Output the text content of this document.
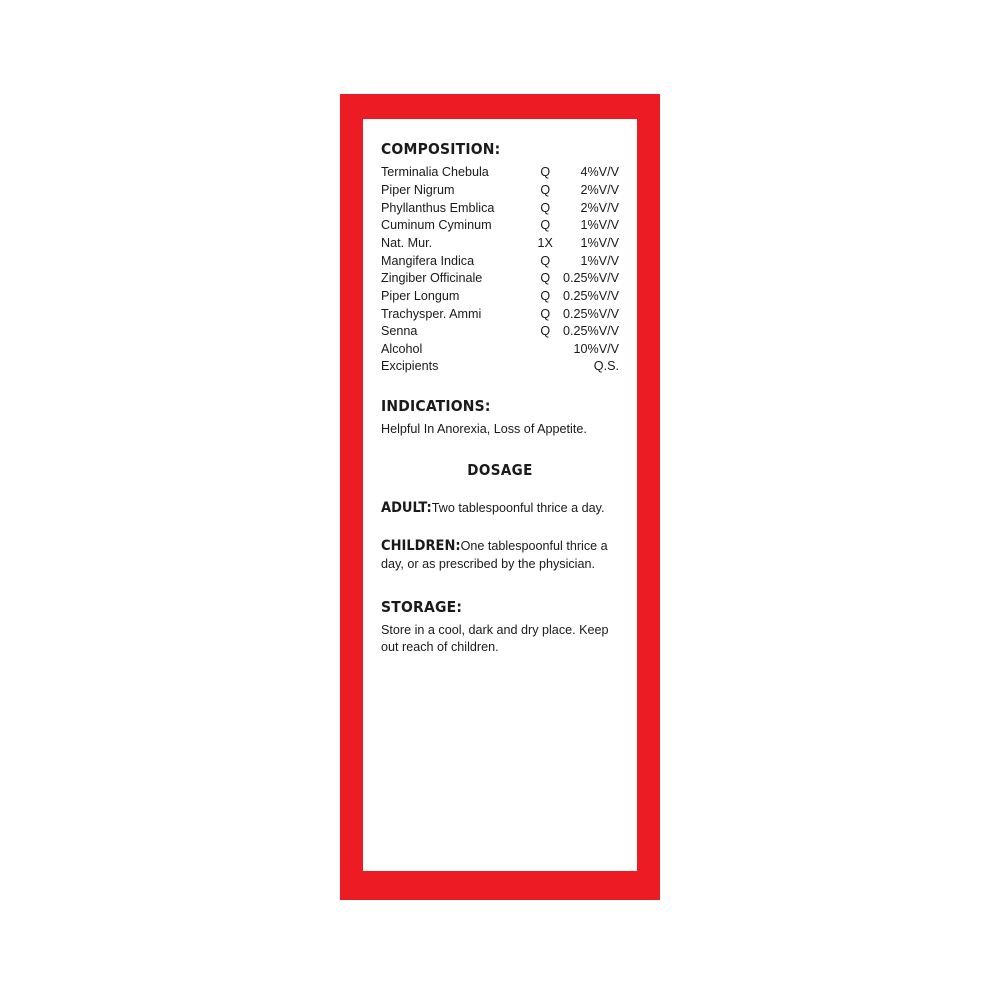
COMPOSITION:
Terminalia Chebula	Q	4%V/V
Piper Nigrum	Q	2%V/V
Phyllanthus Emblica	Q	2%V/V
Cuminum Cyminum	Q	1%V/V
Nat. Mur.	1X	1%V/V
Mangifera Indica	Q	1%V/V
Zingiber Officinale	Q	0.25%V/V
Piper Longum	Q	0.25%V/V
Trachysper. Ammi	Q	0.25%V/V
Senna	Q	0.25%V/V
Alcohol		10%V/V
Excipients		Q.S.
INDICATIONS:

Helpful In Anorexia, Loss of Appetite.

DOSAGE
ADULT:Two tablespoonful thrice a day.
CHILDREN:One tablespoonful thrice a day, or as prescribed by the physician.
STORAGE:

Store in a cool, dark and dry place. Keep out reach of children.
